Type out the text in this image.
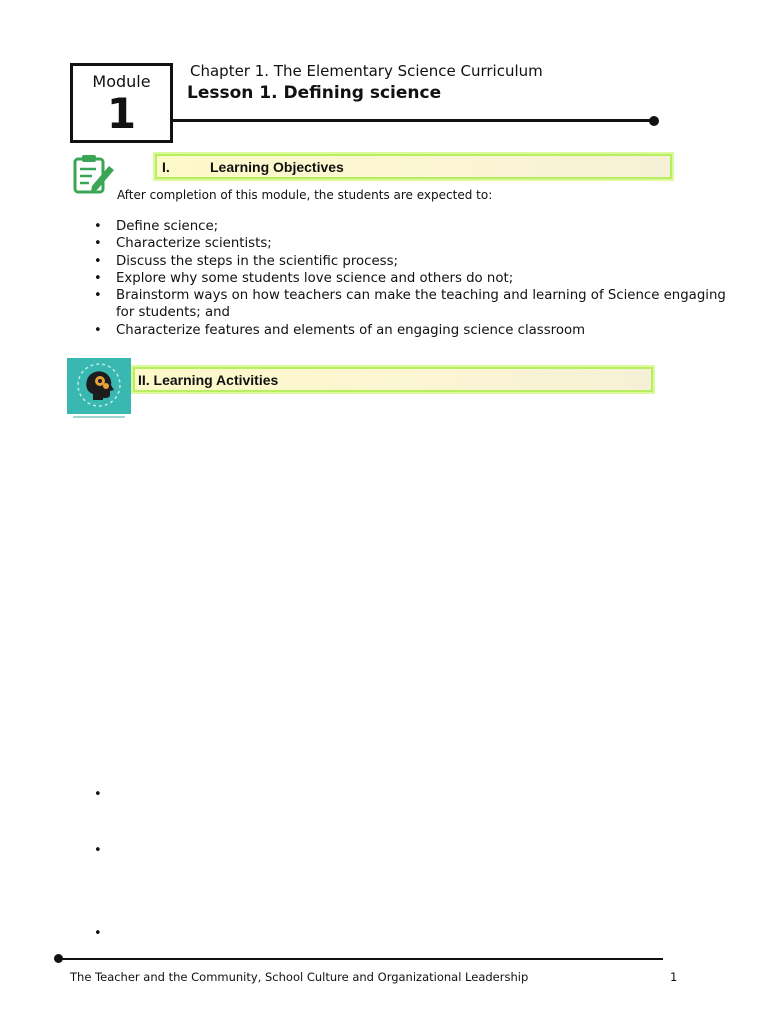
Module
1
Chapter 1. The Elementary Science Curriculum
Lesson 1. Defining science
I.	Learning Objectives
After completion of this module, the students are expected to:
• Define science;
• Characterize scientists;
• Discuss the steps in the scientific process;
• Explore why some students love science and others do not;
• Brainstorm ways on how teachers can make the teaching and learning of Science engaging for students; and
• Characterize features and elements of an engaging science classroom
II. Learning Activities
•
•
•
The Teacher and the Community, School Culture and Organizational Leadership	1
